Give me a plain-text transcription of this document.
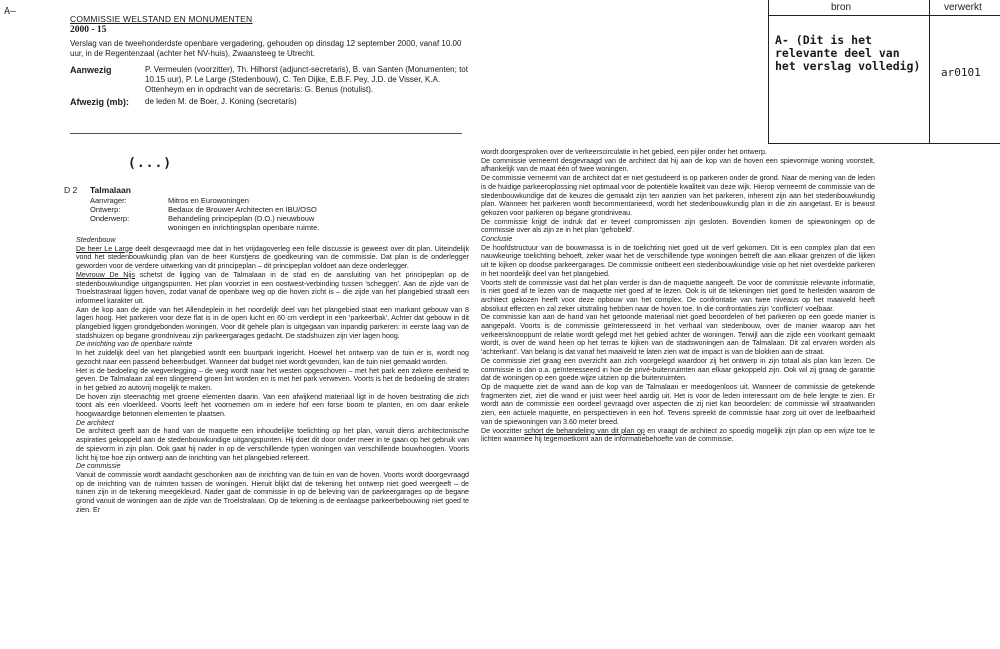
A–
COMMISSIE WELSTAND EN MONUMENTEN
2000 - 15
Verslag van de tweehonderdste openbare vergadering, gehouden op dinsdag 12 september 2000, vanaf 10.00 uur, in de Regentenzaal (achter het NV-huis), Zwaansteeg te Utrecht.
Aanwezig	P. Vermeulen (voorzitter), Th. Hilhorst (adjunct-secretaris), B. van Santen (Monumenten; tot 10.15 uur), P. Le Large (Stedenbouw), C. Ten Dijke, E.B.F. Pey, J.D. de Visser, K.A. Ottenheym en in opdracht van de secretaris: G. Benus (notulist).
Afwezig (mb):	de leden M. de Boer, J. Koning (secretaris)
bron	verwerkt
A- (Dit is het relevante deel van het verslag volledig)	ar0101
(...)
D 2 Talmalaan
Aanvrager:	Mitros en Eurowoningen
Ontwerp:	Bedaux de Brouwer Architecten en IBU/OSO
Onderwerp:	Behandeling principeplan (D.O.) nieuwbouw woningen en inrichtingsplan openbare ruimte.

Stedenbouw

De heer Le Large deelt desgevraagd mee dat in het vrijdagoverleg een felle discussie is geweest over dit plan. Uiteindelijk vond het stedenbouwkundig plan van de heer Kurstjens de goedkeuring van de commissie. Dat plan is de onderlegger geworden voor de verdere uitwerking van dit principeplan – dit principeplan voldoet aan deze onderlegger.

Mevrouw De Nijs schetst de ligging van de Talmalaan in de stad en de aansluiting van het principeplan op de stedenbouwkundige uitgangspunten. Het plan voorziet in een oostwest-verbinding tussen 'scheggen'. Aan de zijde van de Troelstrastraat liggen hoven, zodat vanaf de openbare weg op die hoven zicht is – die zijde van het plangebied straalt een informeel karakter uit.

Aan de kop aan de zijde van het Allendeplein in het noordelijk deel van het plangebied staat een markant gebouw van 8 lagen hoog. Het parkeren voor deze flat is in de open lucht en 60 cm verdiept in een 'parkeerbak'. Achter dat gebouw in dit plangebied liggen grondgebonden woningen. Voor dit gehele plan is uitgegaan van inpandig parkeren: in eerste laag van de stadshuizen op begane grondniveau zijn parkeergarages gedacht. De stadshuizen zijn vier lagen hoog.

De inrichting van de openbare ruimte

In het zuidelijk deel van het plangebied wordt een buurtpark ingericht. Hoewel het ontwerp van de tuin er is, wordt nog gezocht naar een passend beheerbudget. Wanneer dat budget niet wordt gevonden, kan de tuin niet gemaakt worden.

Het is de bedoeling de wegverlegging – de weg wordt naar het westen opgeschoven – met het park een zekere eenheid te geven. De Talmalaan zal een slingerend groen lint worden en is met het park verweven. Voorts is het de bedoeling de straten in het gebied zo autovrij mogelijk te maken.

De hoven zijn steenachtig met groene elementen daarin. Van een afwijkend materiaal ligt in de hoven bestrating die zich toont als een vloerkleed. Voorts leeft het voornemen om in iedere hof een forse boom te planten, en om daar enkele hoogwaardige betonnen elementen te plaatsen.

De architect

De architect geeft aan de hand van de maquette een inhoudelijke toelichting op het plan, vanuit diens architectonische aspiraties gekoppeld aan de stedenbouwkundige uitgangspunten. Hij doet dit door onder meer in te gaan op het gebruik van de spievorm in zijn plan. Ook gaat hij nader in op de verschillende typen woningen van verschillende bouwhoogten. Voorts licht hij toe hoe zijn ontwerp aan de inrichting van het plangebied refereert.

De commissie

Vanuit de commissie wordt aandacht geschonken aan de inrichting van de tuin en van de hoven. Voorts wordt doorgevraagd op de inrichting van de ruimten tussen de woningen. Hieruit blijkt dat de tekening het ontwerp niet goed weergeeft – de tuinen zijn in de tekening meegekleurd. Nader gaat de commissie in op de beleving van de parkeergarages op de begane grond vanuit de woningen aan de zijde van de Troelstralaan. Op de tekening is de eenlaagse parkeerbebouwing niet goed te zien. Er

wordt doorgesproken over de verkeerscirculatie in het gebied, een pijler onder het ontwerp.

De commissie verneemt desgevraagd van de architect dat hij aan de kop van de hoven een spievormige woning voorstelt, afhankelijk van de maat één of twee woningen.

De commissie verneemt van de architect dat er niet gestudeerd is op parkeren onder de grond. Naar de mening van de leden is de huidige parkeeroplossing niet optimaal voor de potentiële kwaliteit van deze wijk. Hierop verneemt de commissie van de stedenbouwkundige dat de keuzes die gemaakt zijn ten aanzien van het parkeren, inherent zijn aan het stedenbouwkundig plan. Wanneer het parkeren wordt becommentarieerd, wordt het stedenbouwkundig plan in die zin aangetast. Er is bewust gekozen voor parkeren op begane grondniveau.

De commissie krijgt de indruk dat er teveel compromissen zijn gesloten. Bovendien komen de spiewoningen op de commissie over als zijn ze in het plan 'gefrobeld'.

Conclusie

De hoofdstructuur van de bouwmassa is in de toelichting niet goed uit de verf gekomen. Dit is een complex plan dat een nauwkeurige toelichting behoeft, zeker waar het de verschillende type woningen betreft die aan elkaar grenzen of die lijken uit te kijken op doodse parkeergarages. De commissie ontbeert een stedenbouwkundige visie op het niet overdekte parkeren in het noordelijk deel van het plangebied.

Voorts stelt de commissie vast dat het plan verder is dan de maquette aangeeft. De voor de commissie relevante informatie, is niet goed af te lezen van de maquette niet goed af te lezen. Ook is uit de tekeningen niet goed te herleiden waarom de architect gekozen heeft voor deze opbouw van het complex. De confrontatie van twee niveaus op het maaiveld heeft absoluut effecten en zal zeker uitstraling hebben naar de hoven toe. In die confrontaties zijn 'conflicten' voelbaar.

De commissie kan aan de hand van het getoonde materiaal niet goed beoordelen of het parkeren op een goede manier is aangepakt. Voorts is de commissie geïnteresseerd in het verhaal van stedenbouw, over de manier waarop aan het verkeersknooppunt de relatie wordt gelegd met het gebied achter de woningen. Terwijl aan die zijde een voorkant gemaakt wordt, is over de wand heen op het terras te kijken van de stadswoningen aan de Talmalaan. Dit zal ervaren worden als 'achterkant'. Van belang is dat vanaf het maaiveld te laten zien wat de impact is van de blokken aan de straat.

De commissie ziet graag een overzicht aan zich voorgelegd waardoor zij het ontwerp in zijn totaal als plan kan lezen. De commissie is dan o.a. geïnteresseerd in hoe de privé-buitenruimten aan elkaar gekoppeld zijn. Ook wil zij graag de garantie dat de woningen op een goede wijze uitzien op die buitenruimten.

Op de maquette ziet de wand aan de kop van de Talmalaan er meedogenloos uit. Wanneer de commissie de getekende fragmenten ziet, ziet die wand er juist weer heel aardig uit. Het is voor de leden interessant om de hele lengte te zien. Er wordt aan de commissie een oordeel gevraagd over aspecten die zij niet kan beoordelen: de commissie wil straatwanden zien, een actuele maquette, en perspectieven in een hof. Tevens spreekt de commissie haar zorg uit over de leefbaarheid van de spiewoningen van 3.60 meter breed.

De voorzitter schort de behandeling van dit plan op en vraagt de architect zo spoedig mogelijk zijn plan op een wijze toe te lichten waarmee hij tegemoetkomt aan de informatiebehoefte van de commissie.
